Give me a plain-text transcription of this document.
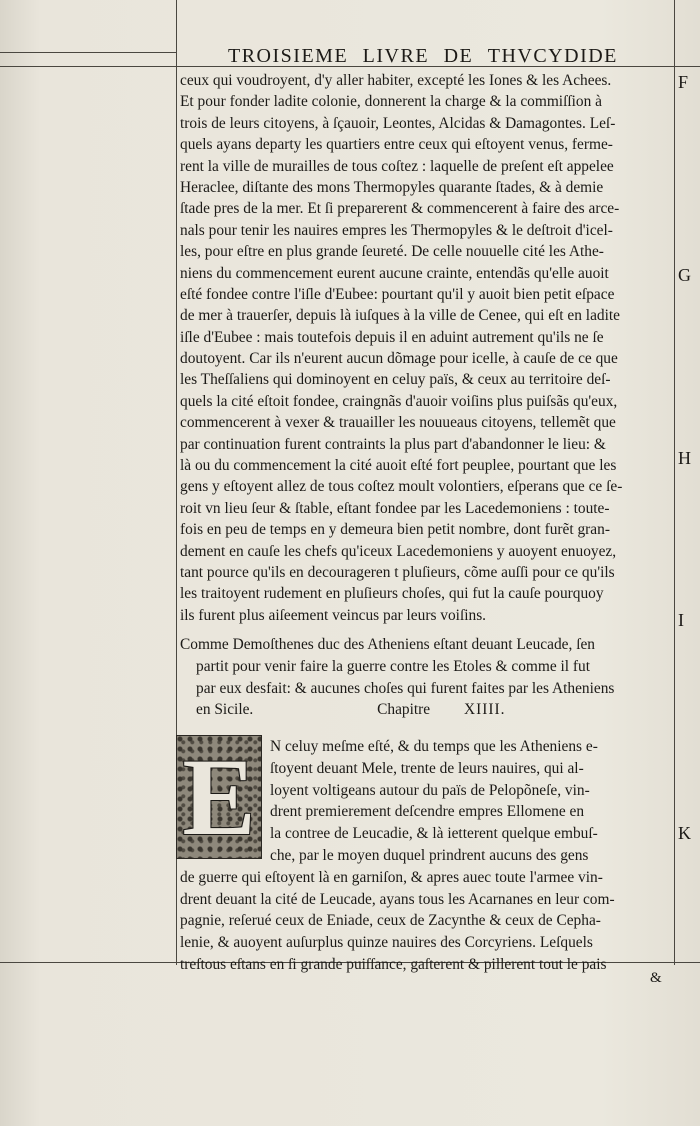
TROISIEME LIVRE DE THVCYDIDE
ceux qui voudroyent, d'y aller habiter, excepté les Iones & les Achees.
Et pour fonder ladite colonie, donnerent la charge & la commiſſion à
trois de leurs citoyens, à ſçauoir, Leontes, Alcidas & Damagontes. Leſ-
quels ayans departy les quartiers entre ceux qui eſtoyent venus, ferme-
rent la ville de murailles de tous coſtez : laquelle de preſent eſt appelee
Heraclee, diſtante des mons Thermopyles quarante ſtades, & à demie
ſtade pres de la mer. Et ſi preparerent & commencerent à faire des arce-
nals pour tenir les nauires empres les Thermopyles & le deſtroit d'icel-
les, pour eſtre en plus grande ſeureté. De celle nouuelle cité les Athe-
niens du commencement eurent aucune crainte, entendãs qu'elle auoit
eſté fondee contre l'iſle d'Eubee: pourtant qu'il y auoit bien petit eſpace
de mer à trauerſer, depuis là iuſques à la ville de Cenee, qui eſt en ladite
iſle d'Eubee : mais toutefois depuis il en aduint autrement qu'ils ne ſe
doutoyent. Car ils n'eurent aucun dõmage pour icelle, à cauſe de ce que
les Theſſaliens qui dominoyent en celuy païs, & ceux au territoire deſ-
quels la cité eſtoit fondee, craingnãs d'auoir voiſins plus puiſsãs qu'eux,
commencerent à vexer & trauailler les nouueaus citoyens, tellemẽt que
par continuation furent contraints la plus part d'abandonner le lieu: &
là ou du commencement la cité auoit eſté fort peuplee, pourtant que les
gens y eſtoyent allez de tous coſtez moult volontiers, eſperans que ce ſe-
roit vn lieu ſeur & ſtable, eſtant fondee par les Lacedemoniens : toute-
fois en peu de temps en y demeura bien petit nombre, dont furẽt gran-
dement en cauſe les chefs qu'iceux Lacedemoniens y auoyent enuoyez,
tant pource qu'ils en decourageren t pluſieurs, cõme auſſi pour ce qu'ils
les traitoyent rudement en pluſieurs choſes, qui fut la cauſe pourquoy
ils furent plus aiſeement veincus par leurs voiſins.
Comme Demoſthenes duc des Atheniens eſtant deuant Leucade, ſen
partit pour venir faire la guerre contre les Etoles & comme il fut
par eux desfait: & aucunes choſes qui furent faites par les Atheniens
en Sicile.	Chapitre XIIII.
E N celuy meſme eſté, & du temps que les Atheniens e-
ſtoyent deuant Mele, trente de leurs nauires, qui al-
loyent voltigeans autour du païs de Pelopõneſe, vin-
drent premierement deſcendre empres Ellomene en
la contree de Leucadie, & là ietterent quelque embuſ-
che, par le moyen duquel prindrent aucuns des gens
de guerre qui eſtoyent là en garniſon, & apres auec toute l'armee vin-
drent deuant la cité de Leucade, ayans tous les Acarnanes en leur com-
pagnie, reſerué ceux de Eniade, ceux de Zacynthe & ceux de Cepha-
lenie, & auoyent auſurplus quinze nauires des Corcyriens. Leſquels
treſtous eſtans en ſi grande puiſſance, gaſterent & pillerent tout le pais
F
G
H
I
K
&
